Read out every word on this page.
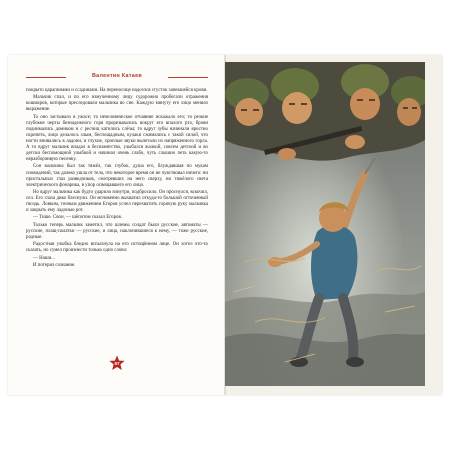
Валентин Катаев

покрыто царапинами и ссадинами. На переносице надселся сгусток запекшейся крови.

Мальчик спал, и по его измученному лицу судорожно пробегали отражения кошмаров, которые преследовали мальчика во сне. Каждую минуту его лицо меняло выражение.

То оно застывало в ужасе; то нечеловеческое отчаяние искажало его; то резкие глубокие черты безнадежного горя прорезывались вокруг его впалого рта, брови поднимались домиком и с ресниц катились слёзы; то вдруг зубы начинали яростно скрипеть, лицо делалось злым, беспощадным, кулаки сжимались с такой силой, что ногти впивались в ладони, и глухие, хриплые звуки вылетали из напряженного горла. А то вдруг мальчик впадал в беспамятство, улыбался жалкой, совсем детской и во детски беспомощной улыбкой и начинал очень слабо, чуть слышно петь какую-то неразборчивую песенку.

Сон мальчика был так тяжёл, так глубок, душа его, блуждавшая по мукам сновидений, так далеко ушла от тела, что некоторое время он не чувствовал ничего: ни пристальных глаз разведчиков, смотревших на него сверху, ни тяжёлого света электрического фонарика, в упор освещавшего его лицо.

Но вдруг мальчика как будто ударило изнутри, подбросило. Он проснулся, вскочил, сел. Его глаза дико блеснули. Он мгновенно выхватил откуда-то большой отточенный гвоздь. Ловким, точным движением Егоров успел перехватить горячую руку мальчика и закрыть ему ладонью рот.

— Тише. Свои, — шёпотом сказал Егоров.

Только теперь мальчик заметил, что шлемы солдат были русские, автоматы — русские, плащ-палатки — русские, и лица, наклонившиеся к нему, — тоже русские, родные.

Радостная улыбка бледно вспыхнула на его истощённом лице. Он хотел что-то сказать, но сумел произнести только одно слово:

— Наши...

И потерял сознание.

67
